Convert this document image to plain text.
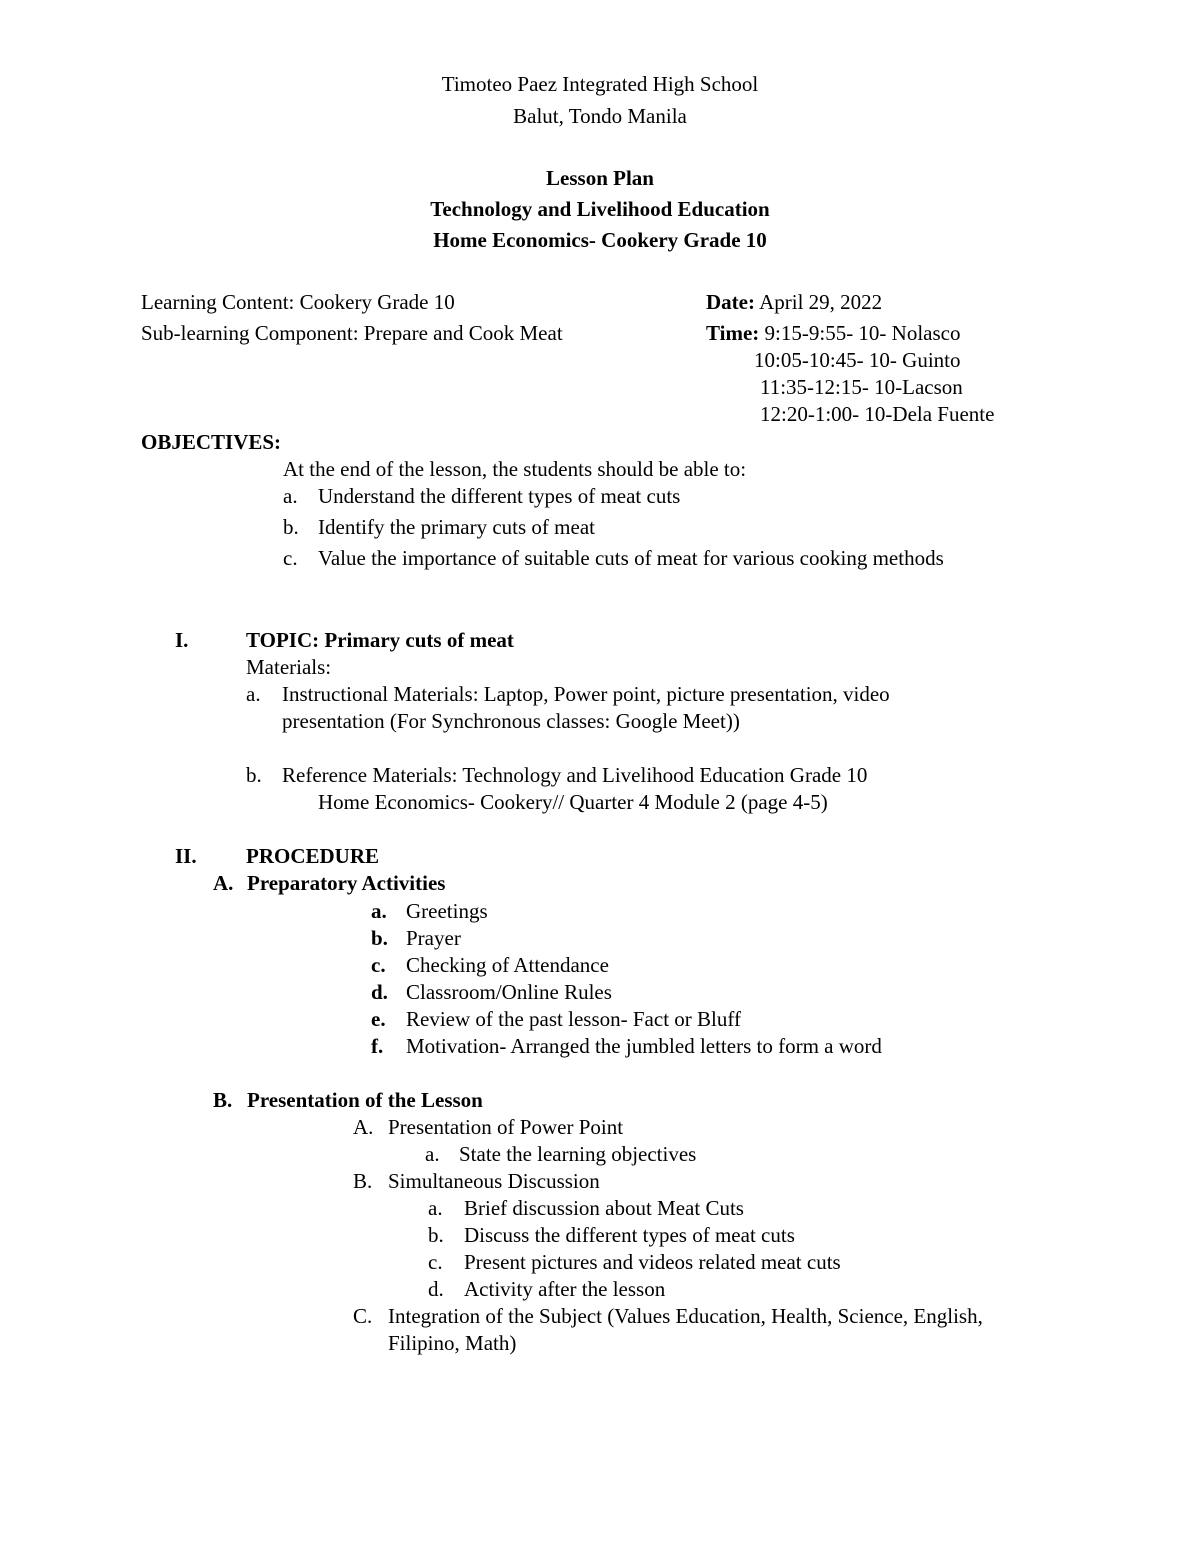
Timoteo Paez Integrated High School
Balut, Tondo Manila
Lesson Plan
Technology and Livelihood Education
Home Economics- Cookery Grade 10
Learning Content: Cookery Grade 10
Sub-learning Component: Prepare and Cook Meat
Date: April 29, 2022
Time: 9:15-9:55- 10- Nolasco
10:05-10:45- 10- Guinto
11:35-12:15- 10-Lacson
12:20-1:00- 10-Dela Fuente
OBJECTIVES:
At the end of the lesson, the students should be able to:
a. Understand the different types of meat cuts
b. Identify the primary cuts of meat
c. Value the importance of suitable cuts of meat for various cooking methods
I.	TOPIC: Primary cuts of meat
Materials:
a. Instructional Materials: Laptop, Power point, picture presentation, video
presentation (For Synchronous classes: Google Meet))
b. Reference Materials: Technology and Livelihood Education Grade 10
Home Economics- Cookery// Quarter 4 Module 2 (page 4-5)
II. PROCEDURE
A. Preparatory Activities
a. Greetings
b. Prayer
c. Checking of Attendance
d. Classroom/Online Rules
e. Review of the past lesson- Fact or Bluff
f. Motivation- Arranged the jumbled letters to form a word
B. Presentation of the Lesson
A. Presentation of Power Point
a. State the learning objectives
B. Simultaneous Discussion
a. Brief discussion about Meat Cuts
b. Discuss the different types of meat cuts
c. Present pictures and videos related meat cuts
d. Activity after the lesson
C. Integration of the Subject (Values Education, Health, Science, English,
Filipino, Math)
